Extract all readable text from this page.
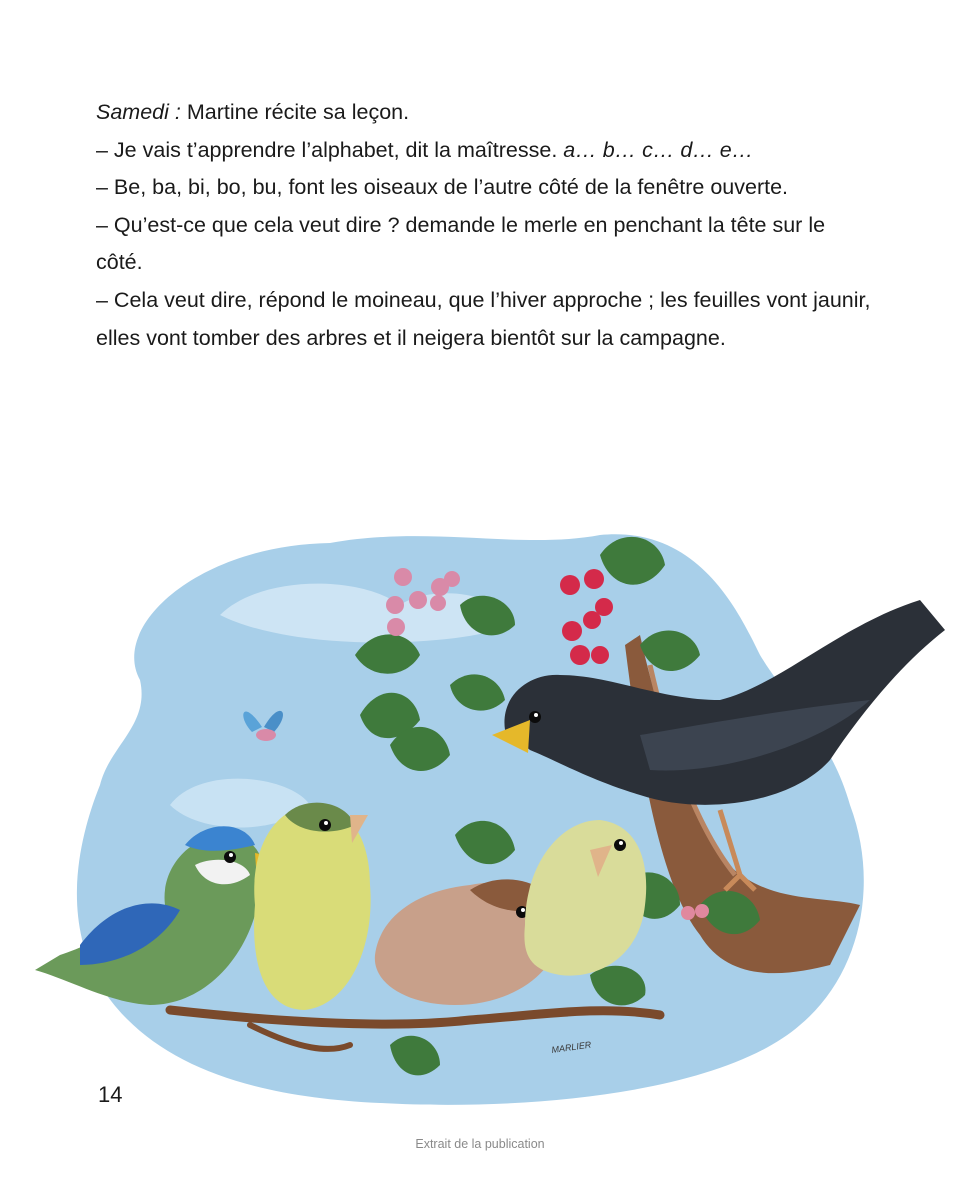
Samedi : Martine récite sa leçon.

– Je vais t’apprendre l’alphabet, dit la maîtresse. a… b… c… d… e…

– Be, ba, bi, bo, bu, font les oiseaux de l’autre côté de la fenêtre ouverte.

– Qu’est-ce que cela veut dire ? demande le merle en penchant la tête sur le côté.

– Cela veut dire, répond le moineau, que l’hiver approche ; les feuilles vont jaunir, elles vont tomber des arbres et il neigera bientôt sur la campagne.

MARLIER
14
Extrait de la publication
